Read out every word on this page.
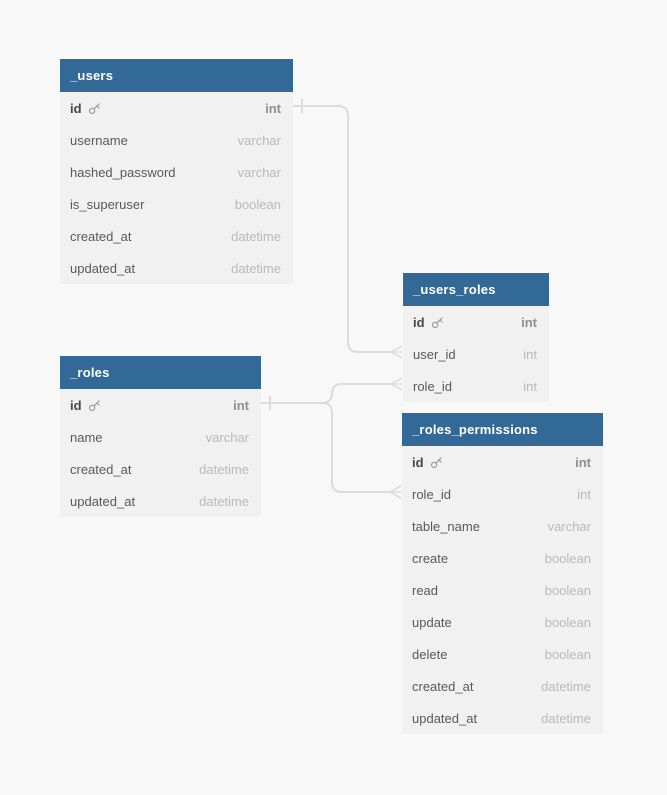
_users
id	int
username	varchar
hashed_password	varchar
is_superuser	boolean
created_at	datetime
updated_at	datetime
_users_roles
id	int
user_id	int
role_id	int
_roles
id	int
name	varchar
created_at	datetime
updated_at	datetime
_roles_permissions
id	int
role_id	int
table_name	varchar
create	boolean
read	boolean
update	boolean
delete	boolean
created_at	datetime
updated_at	datetime
